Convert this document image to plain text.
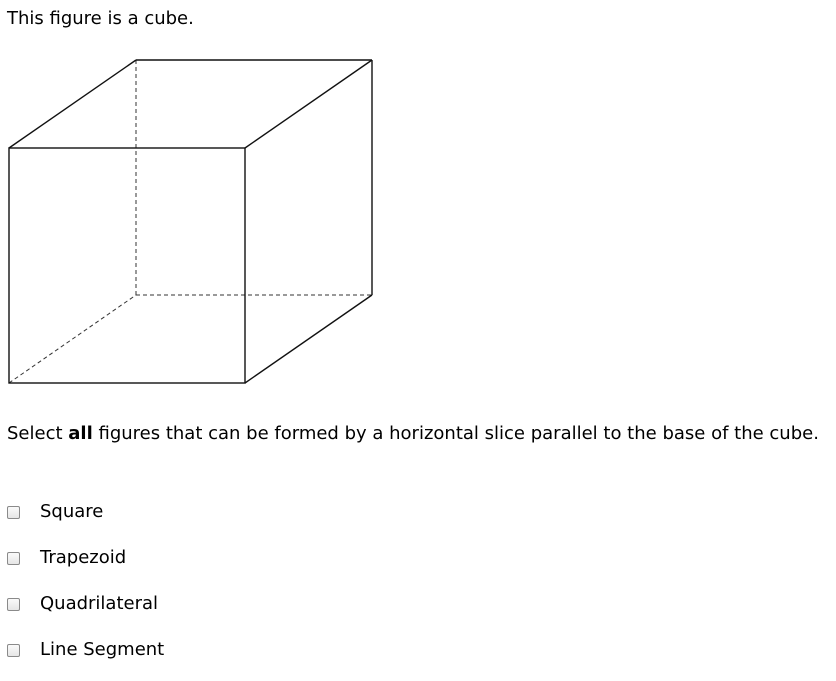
This figure is a cube.

Select all figures that can be formed by a horizontal slice parallel to the base of the cube.

Square
Trapezoid
Quadrilateral
Line Segment
